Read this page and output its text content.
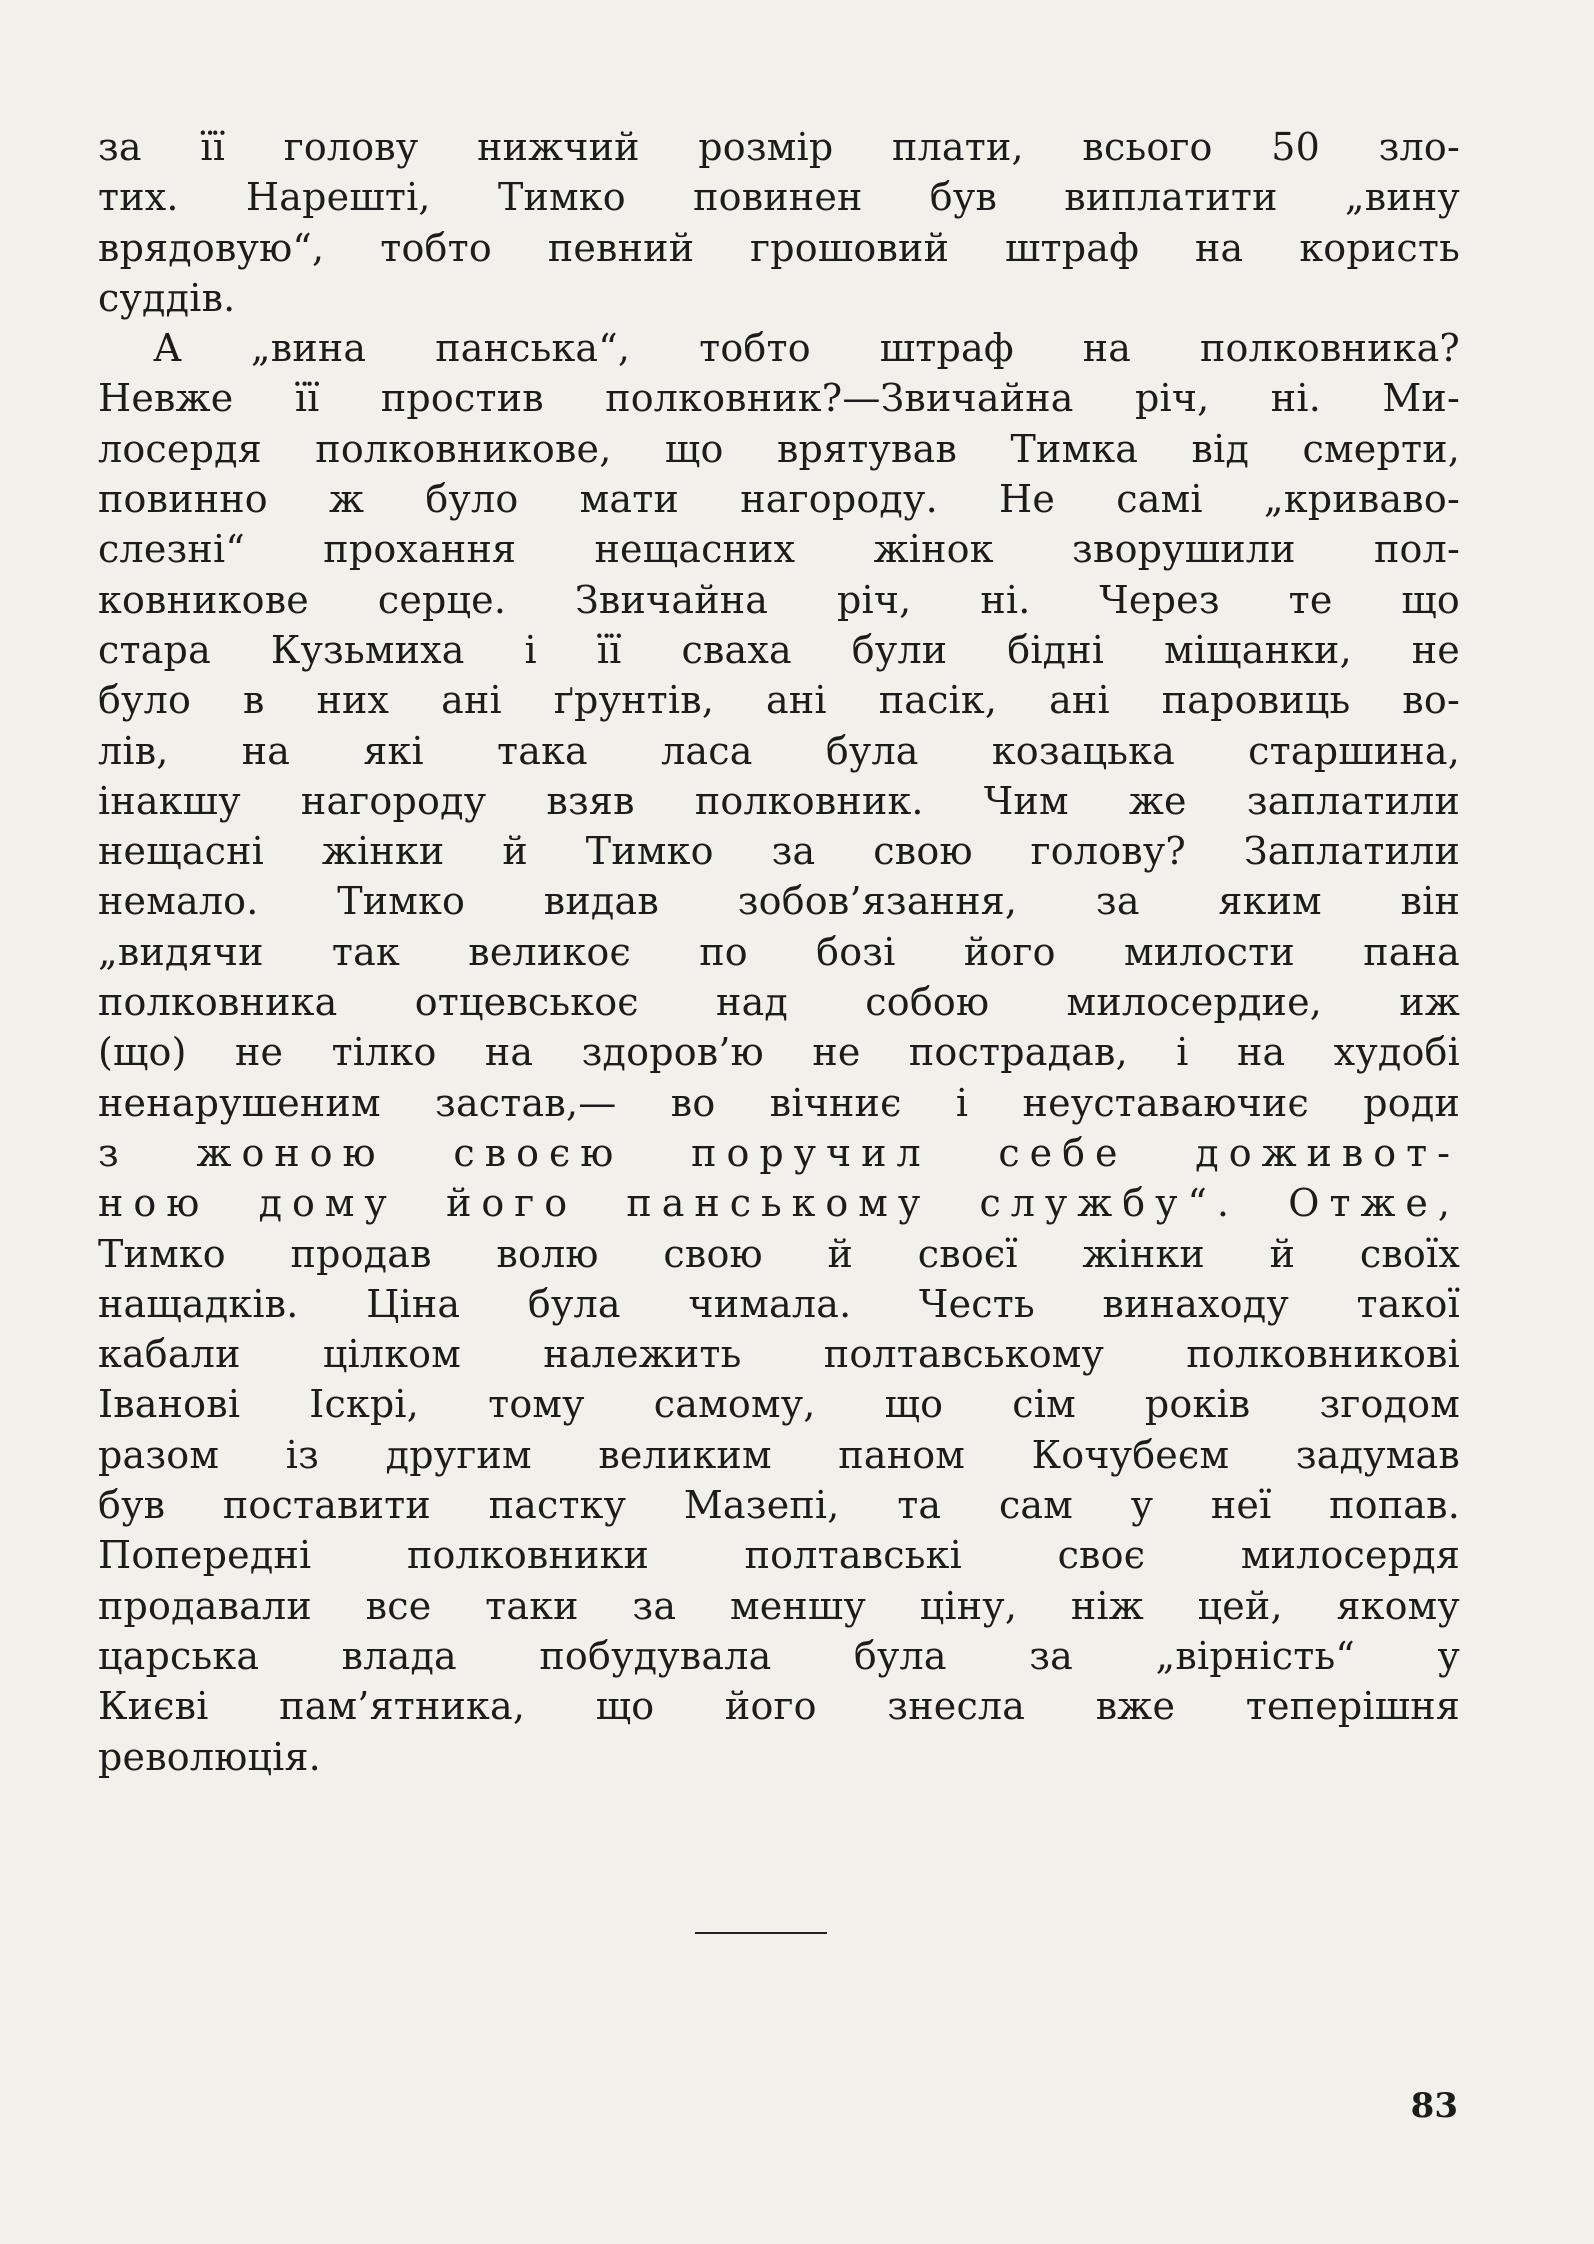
за її голову нижчий розмір плати, всього 50 зло-
тих. Нарешті, Тимко повинен був виплатити „вину
врядовую“, тобто певний грошовий штраф на користь
суддів.
А „вина панська“, тобто штраф на полковника?
Невже її простив полковник?—Звичайна річ, ні. Ми-
лосердя полковникове, що врятував Тимка від смерти,
повинно ж було мати нагороду. Не самі „криваво-
слезні“ прохання нещасних жінок зворушили пол-
ковникове серце. Звичайна річ, ні. Через те що
стара Кузьмиха і її сваха були бідні міщанки, не
було в них ані ґрунтів, ані пасік, ані паровиць во-
лів, на які така ласа була козацька старшина,
інакшу нагороду взяв полковник. Чим же заплатили
нещасні жінки й Тимко за свою голову? Заплатили
немало. Тимко видав зобов’язання, за яким він
„видячи так великоє по бозі його милости пана
полковника отцевськоє над собою милосердие, иж
(що) не тілко на здоров’ю не пострадав, і на худобі
ненарушеним застав,— во вічниє і неуставаючиє роди
з жоною своєю поручил себе доживот-
ною дому його панському службу“. Отже,
Тимко продав волю свою й своєї жінки й своїх
нащадків. Ціна була чимала. Честь винаходу такої
кабали цілком належить полтавському полковникові
Іванові Іскрі, тому самому, що сім років згодом
разом із другим великим паном Кочубеєм задумав
був поставити пастку Мазепі, та сам у неї попав.
Попередні полковники полтавські своє милосердя
продавали все таки за меншу ціну, ніж цей, якому
царська влада побудувала була за „вірність“ у
Києві пам’ятника, що його знесла вже теперішня
революція.
83
